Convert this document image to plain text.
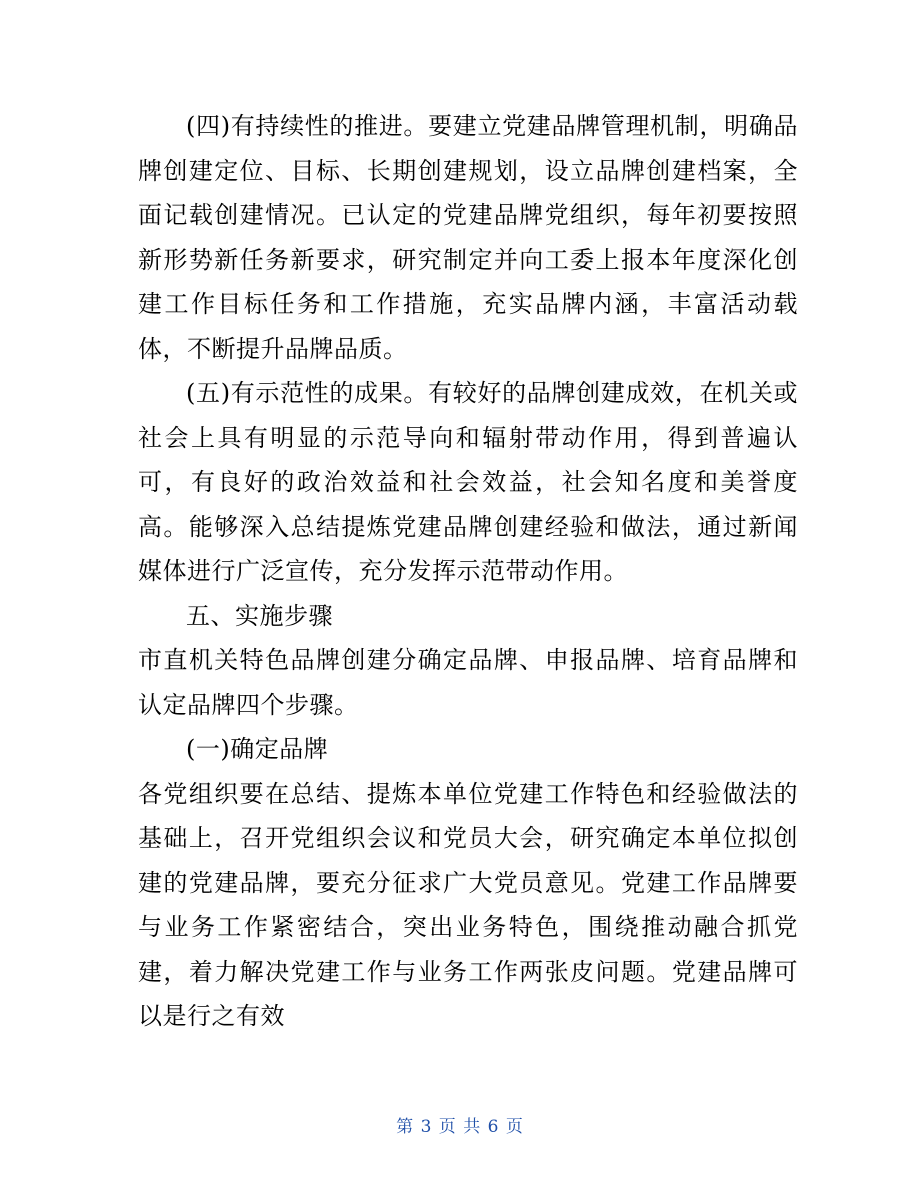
(四)有持续性的推进。要建立党建品牌管理机制，明确品牌创建定位、目标、长期创建规划，设立品牌创建档案，全面记载创建情况。已认定的党建品牌党组织，每年初要按照新形势新任务新要求，研究制定并向工委上报本年度深化创建工作目标任务和工作措施，充实品牌内涵，丰富活动载体，不断提升品牌品质。

(五)有示范性的成果。有较好的品牌创建成效，在机关或社会上具有明显的示范导向和辐射带动作用，得到普遍认可，有良好的政治效益和社会效益，社会知名度和美誉度高。能够深入总结提炼党建品牌创建经验和做法，通过新闻媒体进行广泛宣传，充分发挥示范带动作用。

五、实施步骤

市直机关特色品牌创建分确定品牌、申报品牌、培育品牌和认定品牌四个步骤。

(一)确定品牌

各党组织要在总结、提炼本单位党建工作特色和经验做法的基础上，召开党组织会议和党员大会，研究确定本单位拟创建的党建品牌，要充分征求广大党员意见。党建工作品牌要与业务工作紧密结合，突出业务特色，围绕推动融合抓党建，着力解决党建工作与业务工作两张皮问题。党建品牌可以是行之有效

第 3 页 共 6 页
